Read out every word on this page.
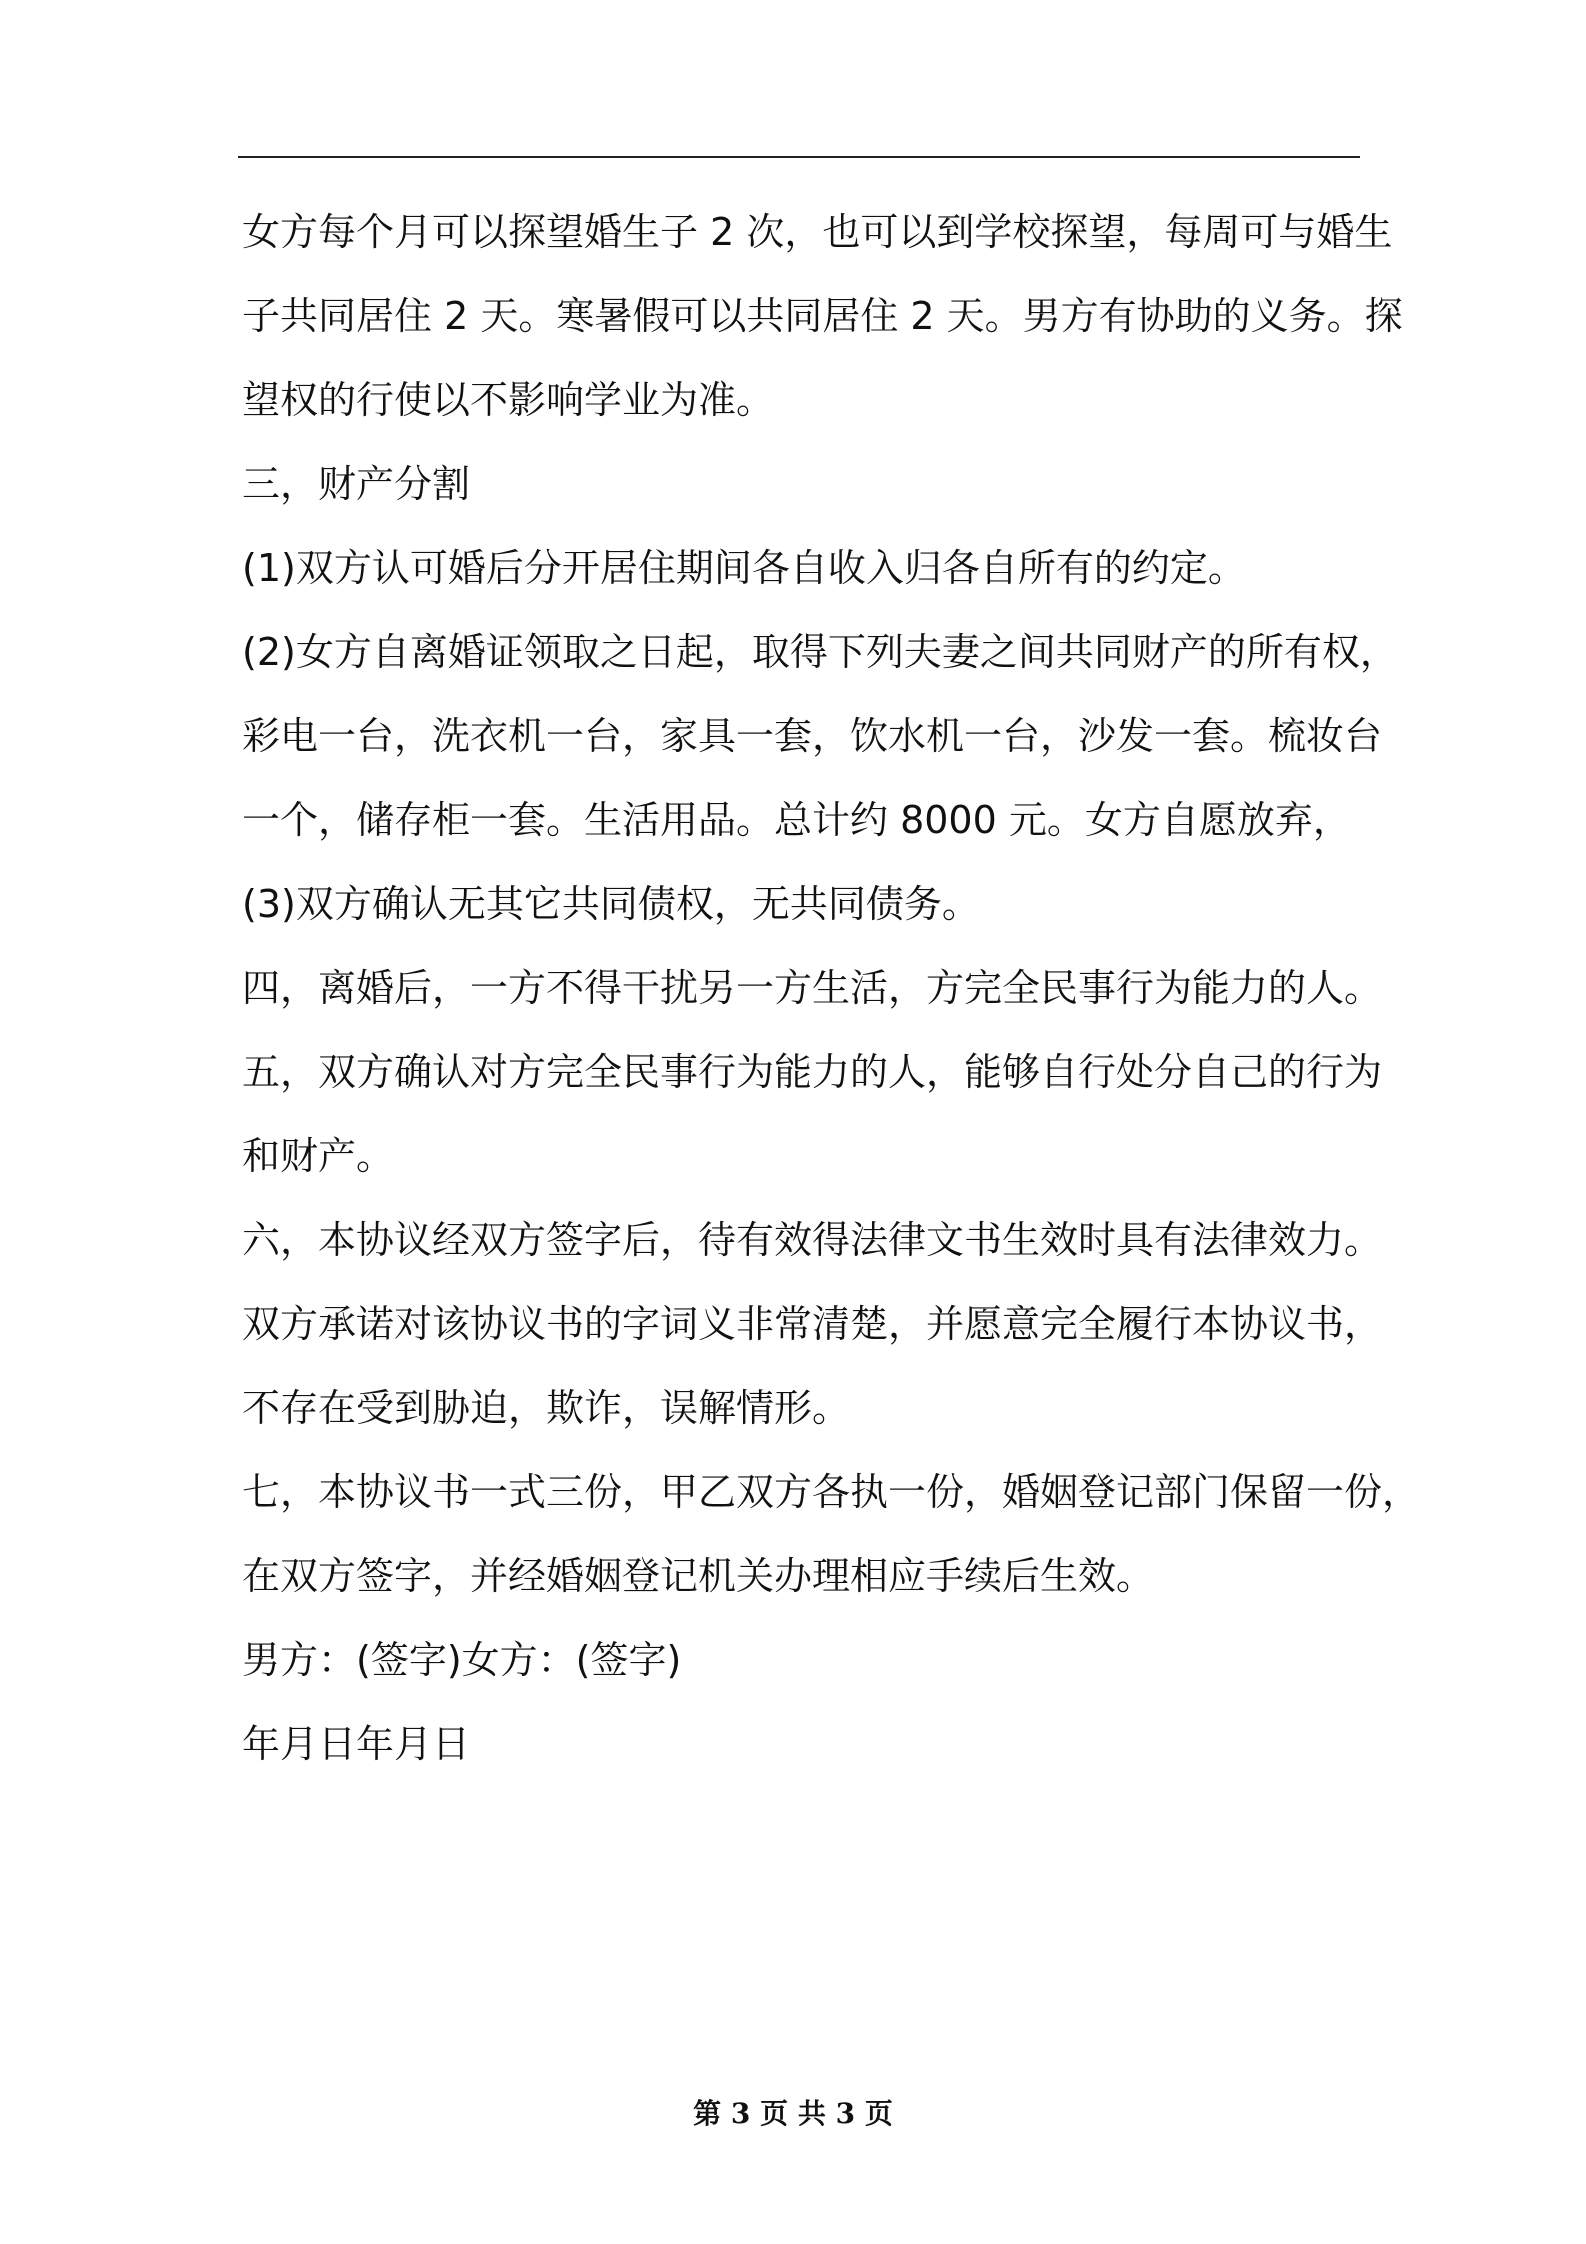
女方每个月可以探望婚生子 2 次，也可以到学校探望，每周可与婚生
子共同居住 2 天。寒暑假可以共同居住 2 天。男方有协助的义务。探
望权的行使以不影响学业为准。
三，财产分割
(1)双方认可婚后分开居住期间各自收入归各自所有的约定。
(2)女方自离婚证领取之日起，取得下列夫妻之间共同财产的所有权，
彩电一台，洗衣机一台，家具一套，饮水机一台，沙发一套。梳妆台
一个，储存柜一套。生活用品。总计约 8000 元。女方自愿放弃，
(3)双方确认无其它共同债权，无共同债务。
四，离婚后，一方不得干扰另一方生活，方完全民事行为能力的人。
五，双方确认对方完全民事行为能力的人，能够自行处分自己的行为
和财产。
六，本协议经双方签字后，待有效得法律文书生效时具有法律效力。
双方承诺对该协议书的字词义非常清楚，并愿意完全履行本协议书，
不存在受到胁迫，欺诈，误解情形。
七，本协议书一式三份，甲乙双方各执一份，婚姻登记部门保留一份，
在双方签字，并经婚姻登记机关办理相应手续后生效。
男方：(签字)女方：(签字)
年月日年月日
第 3 页 共 3 页
